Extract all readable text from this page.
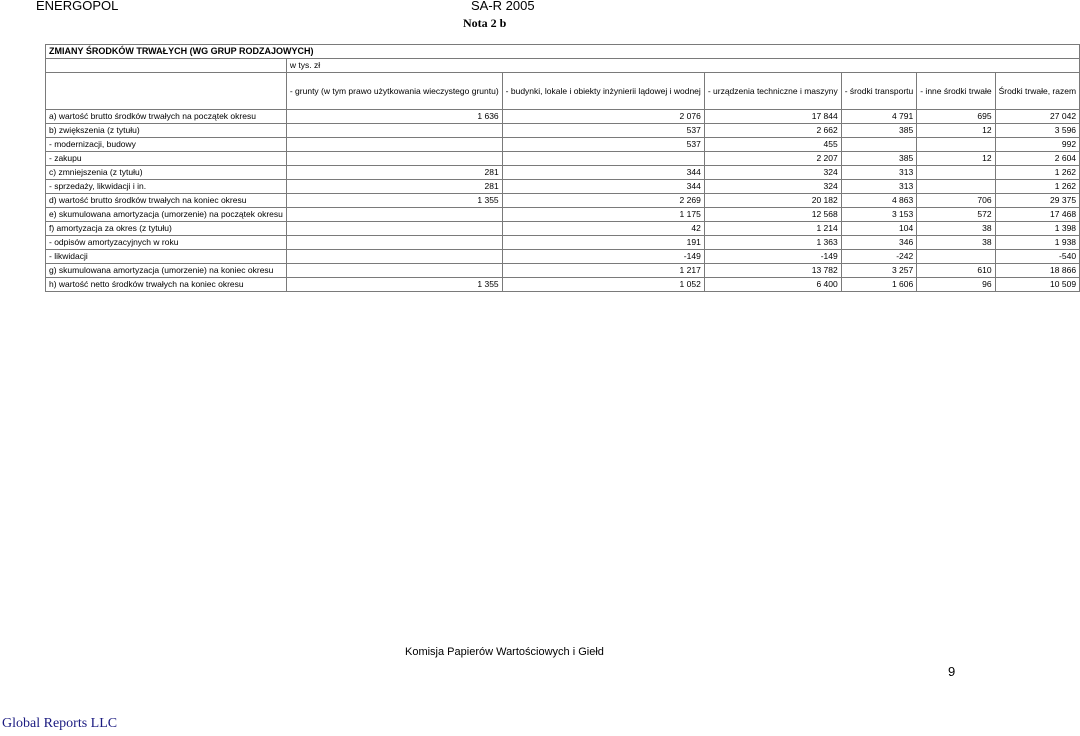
ENERGOPOL	SA-R 2005
Nota 2 b
ZMIANY ŚRODKÓW TRWAŁYCH (WG GRUP RODZAJOWYCH)						
	w tys. zł					
	- grunty (w tym prawo użytkowania wieczystego gruntu)	- budynki, lokale i obiekty inżynierii lądowej i wodnej	- urządzenia techniczne i maszyny	- środki transportu	- inne środki trwałe	Środki trwałe, razem
a) wartość brutto środków trwałych na początek okresu	1 636	2 076	17 844	4 791	695	27 042
b) zwiększenia (z tytułu)		537	2 662	385	12	3 596
- modernizacji, budowy		537	455			992
- zakupu			2 207	385	12	2 604
c) zmniejszenia (z tytułu)	281	344	324	313		1 262
- sprzedaży, likwidacji i in.	281	344	324	313		1 262
d) wartość brutto środków trwałych na koniec okresu	1 355	2 269	20 182	4 863	706	29 375
e) skumulowana amortyzacja (umorzenie) na początek okresu		1 175	12 568	3 153	572	17 468
f) amortyzacja za okres (z tytułu)		42	1 214	104	38	1 398
- odpisów amortyzacyjnych w roku		191	1 363	346	38	1 938
- likwidacji		-149	-149	-242		-540
g) skumulowana amortyzacja (umorzenie) na koniec okresu		1 217	13 782	3 257	610	18 866
h) wartość netto środków trwałych na koniec okresu	1 355	1 052	6 400	1 606	96	10 509
Komisja Papierów Wartościowych i Giełd
9
Global Reports LLC
